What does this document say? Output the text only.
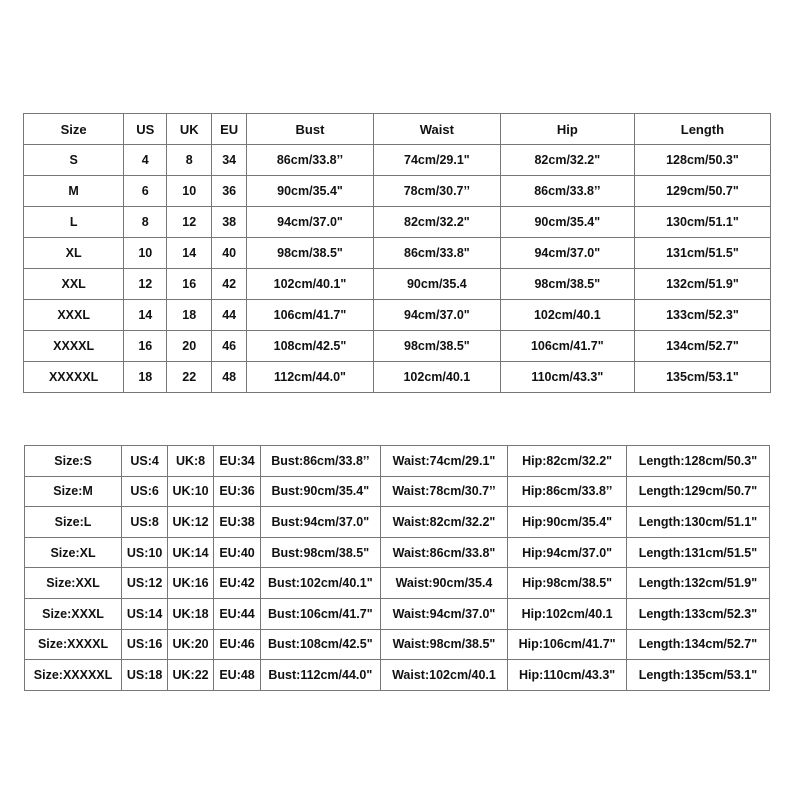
Size	US	UK	EU	Bust	Waist	Hip	Length
S	4	8	34	86cm/33.8’’	74cm/29.1"	82cm/32.2"	128cm/50.3"
M	6	10	36	90cm/35.4"	78cm/30.7’’	86cm/33.8’’	129cm/50.7"
L	8	12	38	94cm/37.0"	82cm/32.2"	90cm/35.4"	130cm/51.1"
XL	10	14	40	98cm/38.5"	86cm/33.8"	94cm/37.0"	131cm/51.5"
XXL	12	16	42	102cm/40.1"	90cm/35.4	98cm/38.5"	132cm/51.9"
XXXL	14	18	44	106cm/41.7"	94cm/37.0"	102cm/40.1	133cm/52.3"
XXXXL	16	20	46	108cm/42.5"	98cm/38.5"	106cm/41.7"	134cm/52.7"
XXXXXL	18	22	48	112cm/44.0"	102cm/40.1	110cm/43.3"	135cm/53.1"
Size:S	US:4	UK:8	EU:34	Bust:86cm/33.8’’	Waist:74cm/29.1"	Hip:82cm/32.2"	Length:128cm/50.3"
Size:M	US:6	UK:10	EU:36	Bust:90cm/35.4"	Waist:78cm/30.7’’	Hip:86cm/33.8’’	Length:129cm/50.7"
Size:L	US:8	UK:12	EU:38	Bust:94cm/37.0"	Waist:82cm/32.2"	Hip:90cm/35.4"	Length:130cm/51.1"
Size:XL	US:10	UK:14	EU:40	Bust:98cm/38.5"	Waist:86cm/33.8"	Hip:94cm/37.0"	Length:131cm/51.5"
Size:XXL	US:12	UK:16	EU:42	Bust:102cm/40.1"	Waist:90cm/35.4	Hip:98cm/38.5"	Length:132cm/51.9"
Size:XXXL	US:14	UK:18	EU:44	Bust:106cm/41.7"	Waist:94cm/37.0"	Hip:102cm/40.1	Length:133cm/52.3"
Size:XXXXL	US:16	UK:20	EU:46	Bust:108cm/42.5"	Waist:98cm/38.5"	Hip:106cm/41.7"	Length:134cm/52.7"
Size:XXXXXL	US:18	UK:22	EU:48	Bust:112cm/44.0"	Waist:102cm/40.1	Hip:110cm/43.3"	Length:135cm/53.1"
